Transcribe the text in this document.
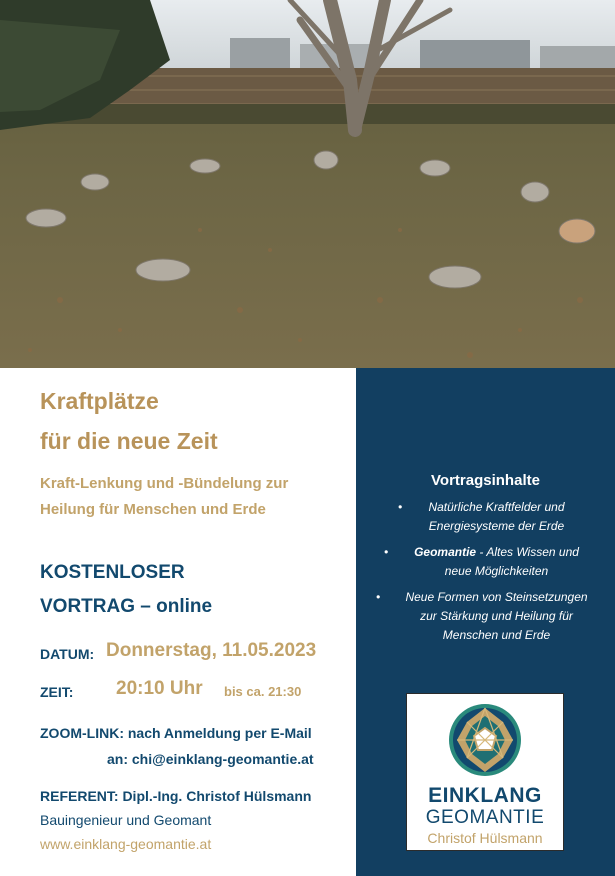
Kraftplätze
für die neue Zeit
Kraft-Lenkung und -Bündelung zur
Heilung für Menschen und Erde
KOSTENLOSER
VORTRAG – online
DATUM: Donnerstag, 11.05.2023
ZEIT: 20:10 Uhr bis ca. 21:30
ZOOM-LINK: nach Anmeldung per E-Mail
an: chi@einklang-geomantie.at
REFERENT: Dipl.-Ing. Christof Hülsmann
Bauingenieur und Geomant
www.einklang-geomantie.at
Vortragsinhalte
• Natürliche Kraftfelder und
Energiesysteme der Erde
• Geomantie - Altes Wissen und
neue Möglichkeiten
• Neue Formen von Steinsetzungen
zur Stärkung und Heilung für
Menschen und Erde
EINKLANG
GEOMANTIE
Christof Hülsmann
